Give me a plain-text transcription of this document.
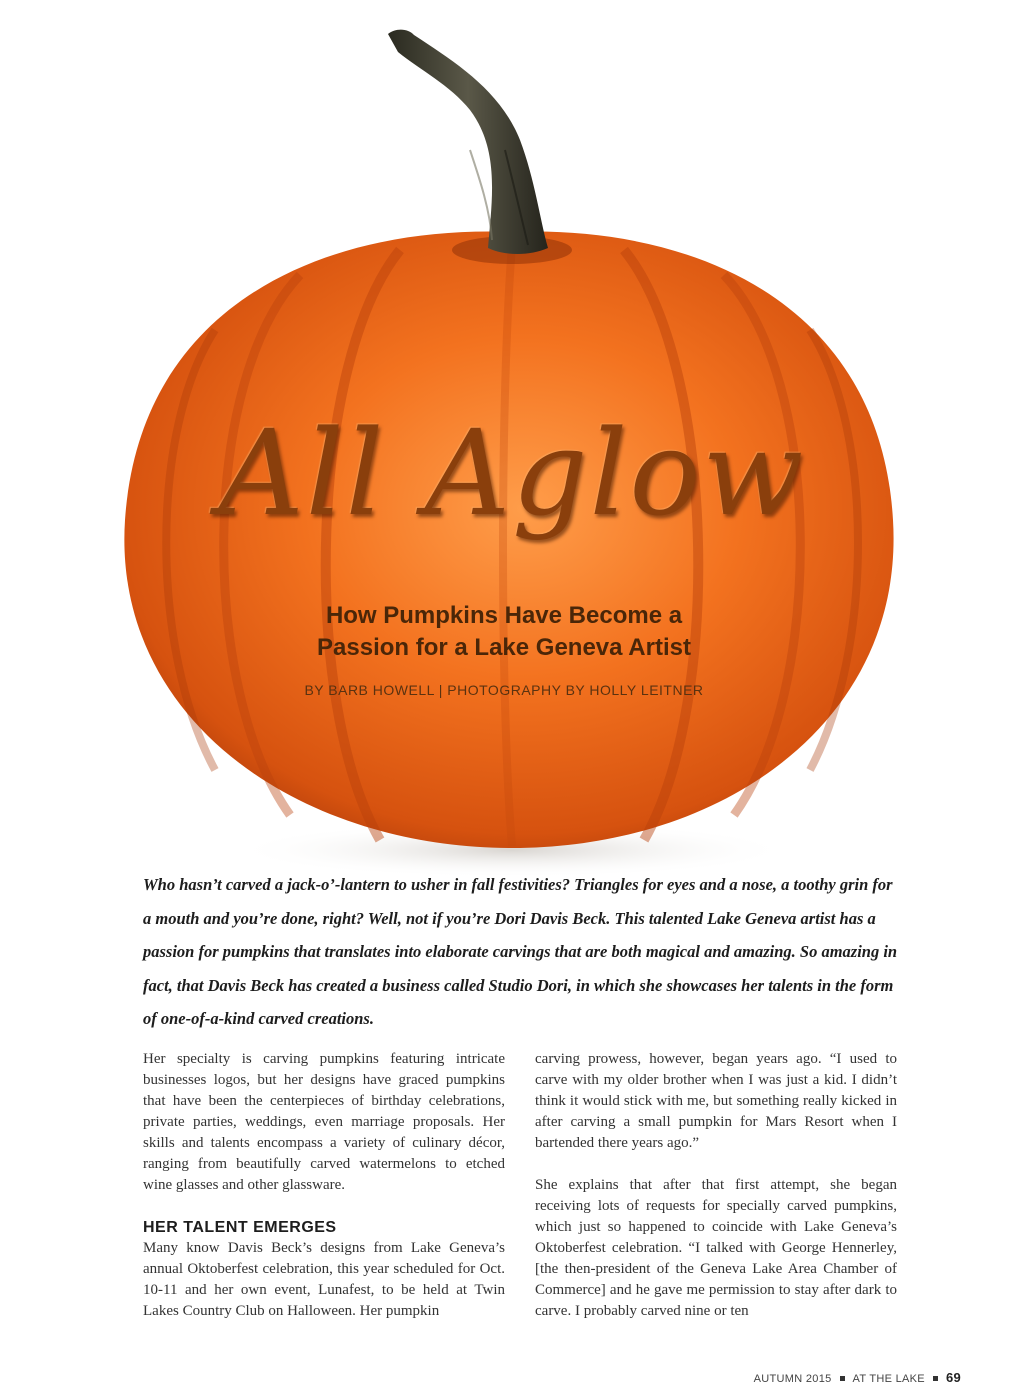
All Aglow
How Pumpkins Have Become a
Passion for a Lake Geneva Artist
BY BARB HOWELL | PHOTOGRAPHY BY HOLLY LEITNER
Who hasn’t carved a jack-o’-lantern to usher in fall festivities? Triangles for eyes and a nose, a toothy grin for a mouth and you’re done, right? Well, not if you’re Dori Davis Beck. This talented Lake Geneva artist has a passion for pumpkins that translates into elaborate carvings that are both magical and amazing. So amazing in fact, that Davis Beck has created a business called Studio Dori, in which she showcases her talents in the form of one-of-a-kind carved creations.

Her specialty is carving pumpkins featuring intricate businesses logos, but her designs have graced pumpkins that have been the centerpieces of birthday celebrations, private parties, weddings, even marriage proposals. Her skills and talents encompass a variety of culinary décor, ranging from beautifully carved watermelons to etched wine glasses and other glassware.

HER TALENT EMERGES

Many know Davis Beck’s designs from Lake Geneva’s annual Oktoberfest celebration, this year scheduled for Oct. 10-11 and her own event, Lunafest, to be held at Twin Lakes Country Club on Halloween. Her pumpkin

carving prowess, however, began years ago. “I used to carve with my older brother when I was just a kid. I didn’t think it would stick with me, but something really kicked in after carving a small pumpkin for Mars Resort when I bartended there years ago.”

She explains that after that first attempt, she began receiving lots of requests for specially carved pumpkins, which just so happened to coincide with Lake Geneva’s Oktoberfest celebration. “I talked with George Hennerley, [the then-president of the Geneva Lake Area Chamber of Commerce] and he gave me permission to stay after dark to carve. I probably carved nine or ten

AUTUMN 2015 AT THE LAKE 69
